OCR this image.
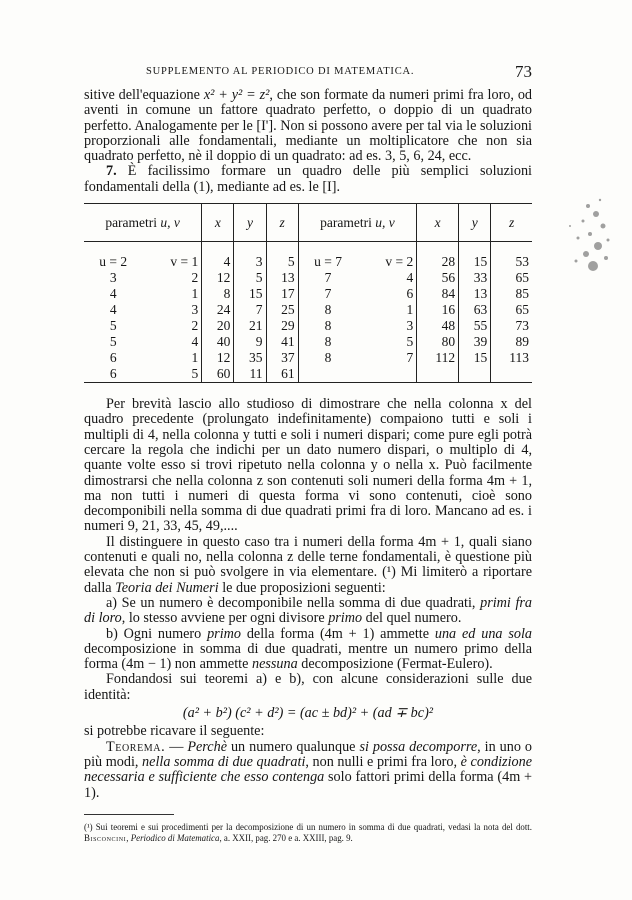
SUPPLEMENTO AL PERIODICO DI MATEMATICA.	73

sitive dell'equazione x² + y² = z², che son formate da numeri primi fra loro, od aventi in comune un fattore quadrato perfetto, o doppio di un quadrato perfetto. Analogamente per le [I']. Non si possono avere per tal via le soluzioni proporzionali alle fondamentali, mediante un moltiplicatore che non sia quadrato perfetto, nè il doppio di un quadrato: ad es. 3, 5, 6, 24, ecc.

7. È facilissimo formare un quadro delle più semplici soluzioni fondamentali della (1), mediante ad es. le [I].

parametri u, v		x	y	z	parametri u, v		x	y	z
u = 2	v = 1	4	3	5	u = 7	v = 2	28	15	53
3	2	12	5	13	7	4	56	33	65
4	1	8	15	17	7	6	84	13	85
4	3	24	7	25	8	1	16	63	65
5	2	20	21	29	8	3	48	55	73
5	4	40	9	41	8	5	80	39	89
6	1	12	35	37	8	7	112	15	113
6	5	60	11	61					

Per brevità lascio allo studioso di dimostrare che nella colonna x del quadro precedente (prolungato indefinitamente) compaiono tutti e soli i multipli di 4, nella colonna y tutti e soli i numeri dispari; come pure egli potrà cercare la regola che indichi per un dato numero dispari, o multiplo di 4, quante volte esso si trovi ripetuto nella colonna y o nella x. Può facilmente dimostrarsi che nella colonna z son contenuti soli numeri della forma 4m + 1, ma non tutti i numeri di questa forma vi sono contenuti, cioè sono decomponibili nella somma di due quadrati primi fra di loro. Mancano ad es. i numeri 9, 21, 33, 45, 49,....

Il distinguere in questo caso tra i numeri della forma 4m + 1, quali siano contenuti e quali no, nella colonna z delle terne fondamentali, è questione più elevata che non si può svolgere in via elementare. (¹) Mi limiterò a riportare dalla Teoria dei Numeri le due proposizioni seguenti:

a) Se un numero è decomponibile nella somma di due quadrati, primi fra di loro, lo stesso avviene per ogni divisore primo del quel numero.

b) Ogni numero primo della forma (4m + 1) ammette una ed una sola decomposizione in somma di due quadrati, mentre un numero primo della forma (4m − 1) non ammette nessuna decomposizione (Fermat-Eulero).

Fondandosi sui teoremi a) e b), con alcune considerazioni sulle due identità:

(a² + b²) (c² + d²) = (ac ± bd)² + (ad ∓ bc)²

si potrebbe ricavare il seguente:

Teorema. — Perchè un numero qualunque si possa decomporre, in uno o più modi, nella somma di due quadrati, non nulli e primi fra loro, è condizione necessaria e sufficiente che esso contenga solo fattori primi della forma (4m + 1).

(¹) Sui teoremi e sui procedimenti per la decomposizione di un numero in somma di due quadrati, vedasi la nota del dott. Bisconcini, Periodico di Matematica, a. XXII, pag. 270 e a. XXIII, pag. 9.
